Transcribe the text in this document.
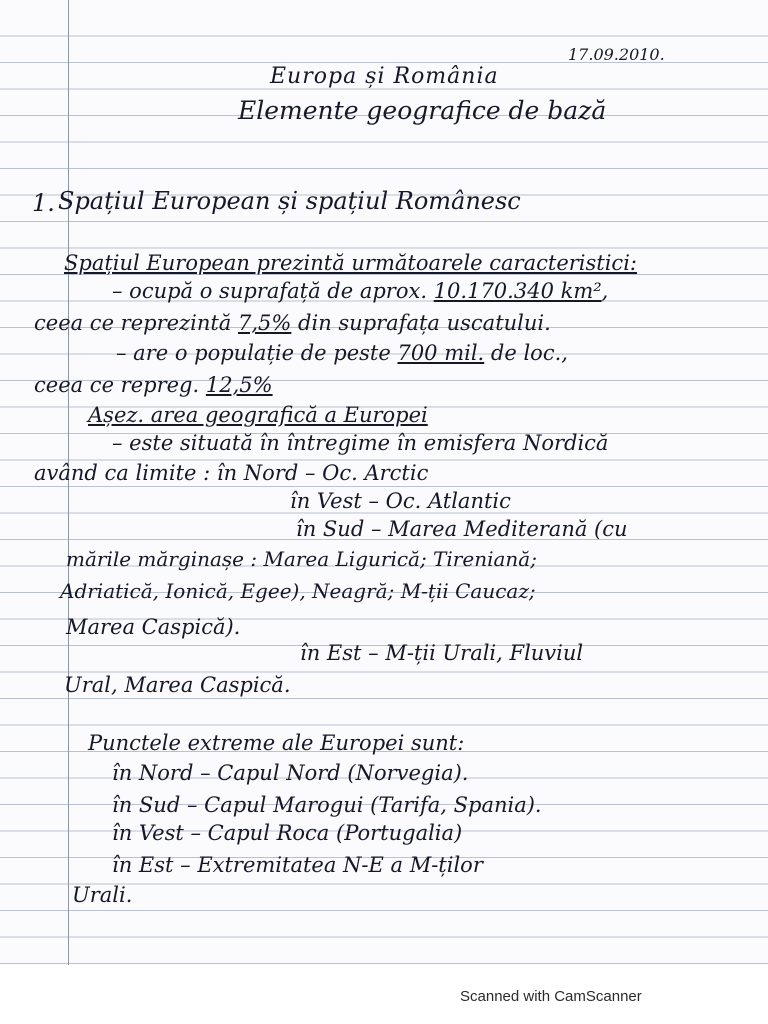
17.09.2010.
Europa și România
Elemente geografice de bază
1. Spațiul European și spațiul Românesc
Spațiul European prezintă următoarele caracteristici:
– ocupă o suprafață de aprox. 10.170.340 km²,
ceea ce reprezintă 7,5% din suprafața uscatului.
– are o populație de peste 700 mil. de loc.,
ceea ce repreg. 12,5%
Așez. area geografică a Europei
– este situată în întregime în emisfera Nordică
având ca limite : în Nord – Oc. Arctic
în Vest – Oc. Atlantic
în Sud – Marea Mediterană (cu
mările mărginașe : Marea Ligurică; Tireniană;
Adriatică, Ionică, Egee), Neagră; M-ții Caucaz;
Marea Caspică).
în Est – M-ții Urali, Fluviul
Ural, Marea Caspică.
Punctele extreme ale Europei sunt:
în Nord – Capul Nord (Norvegia).
în Sud – Capul Marogui (Tarifa, Spania).
în Vest – Capul Roca (Portugalia)
în Est – Extremitatea N-E a M-ților
Urali.
Scanned with CamScanner
